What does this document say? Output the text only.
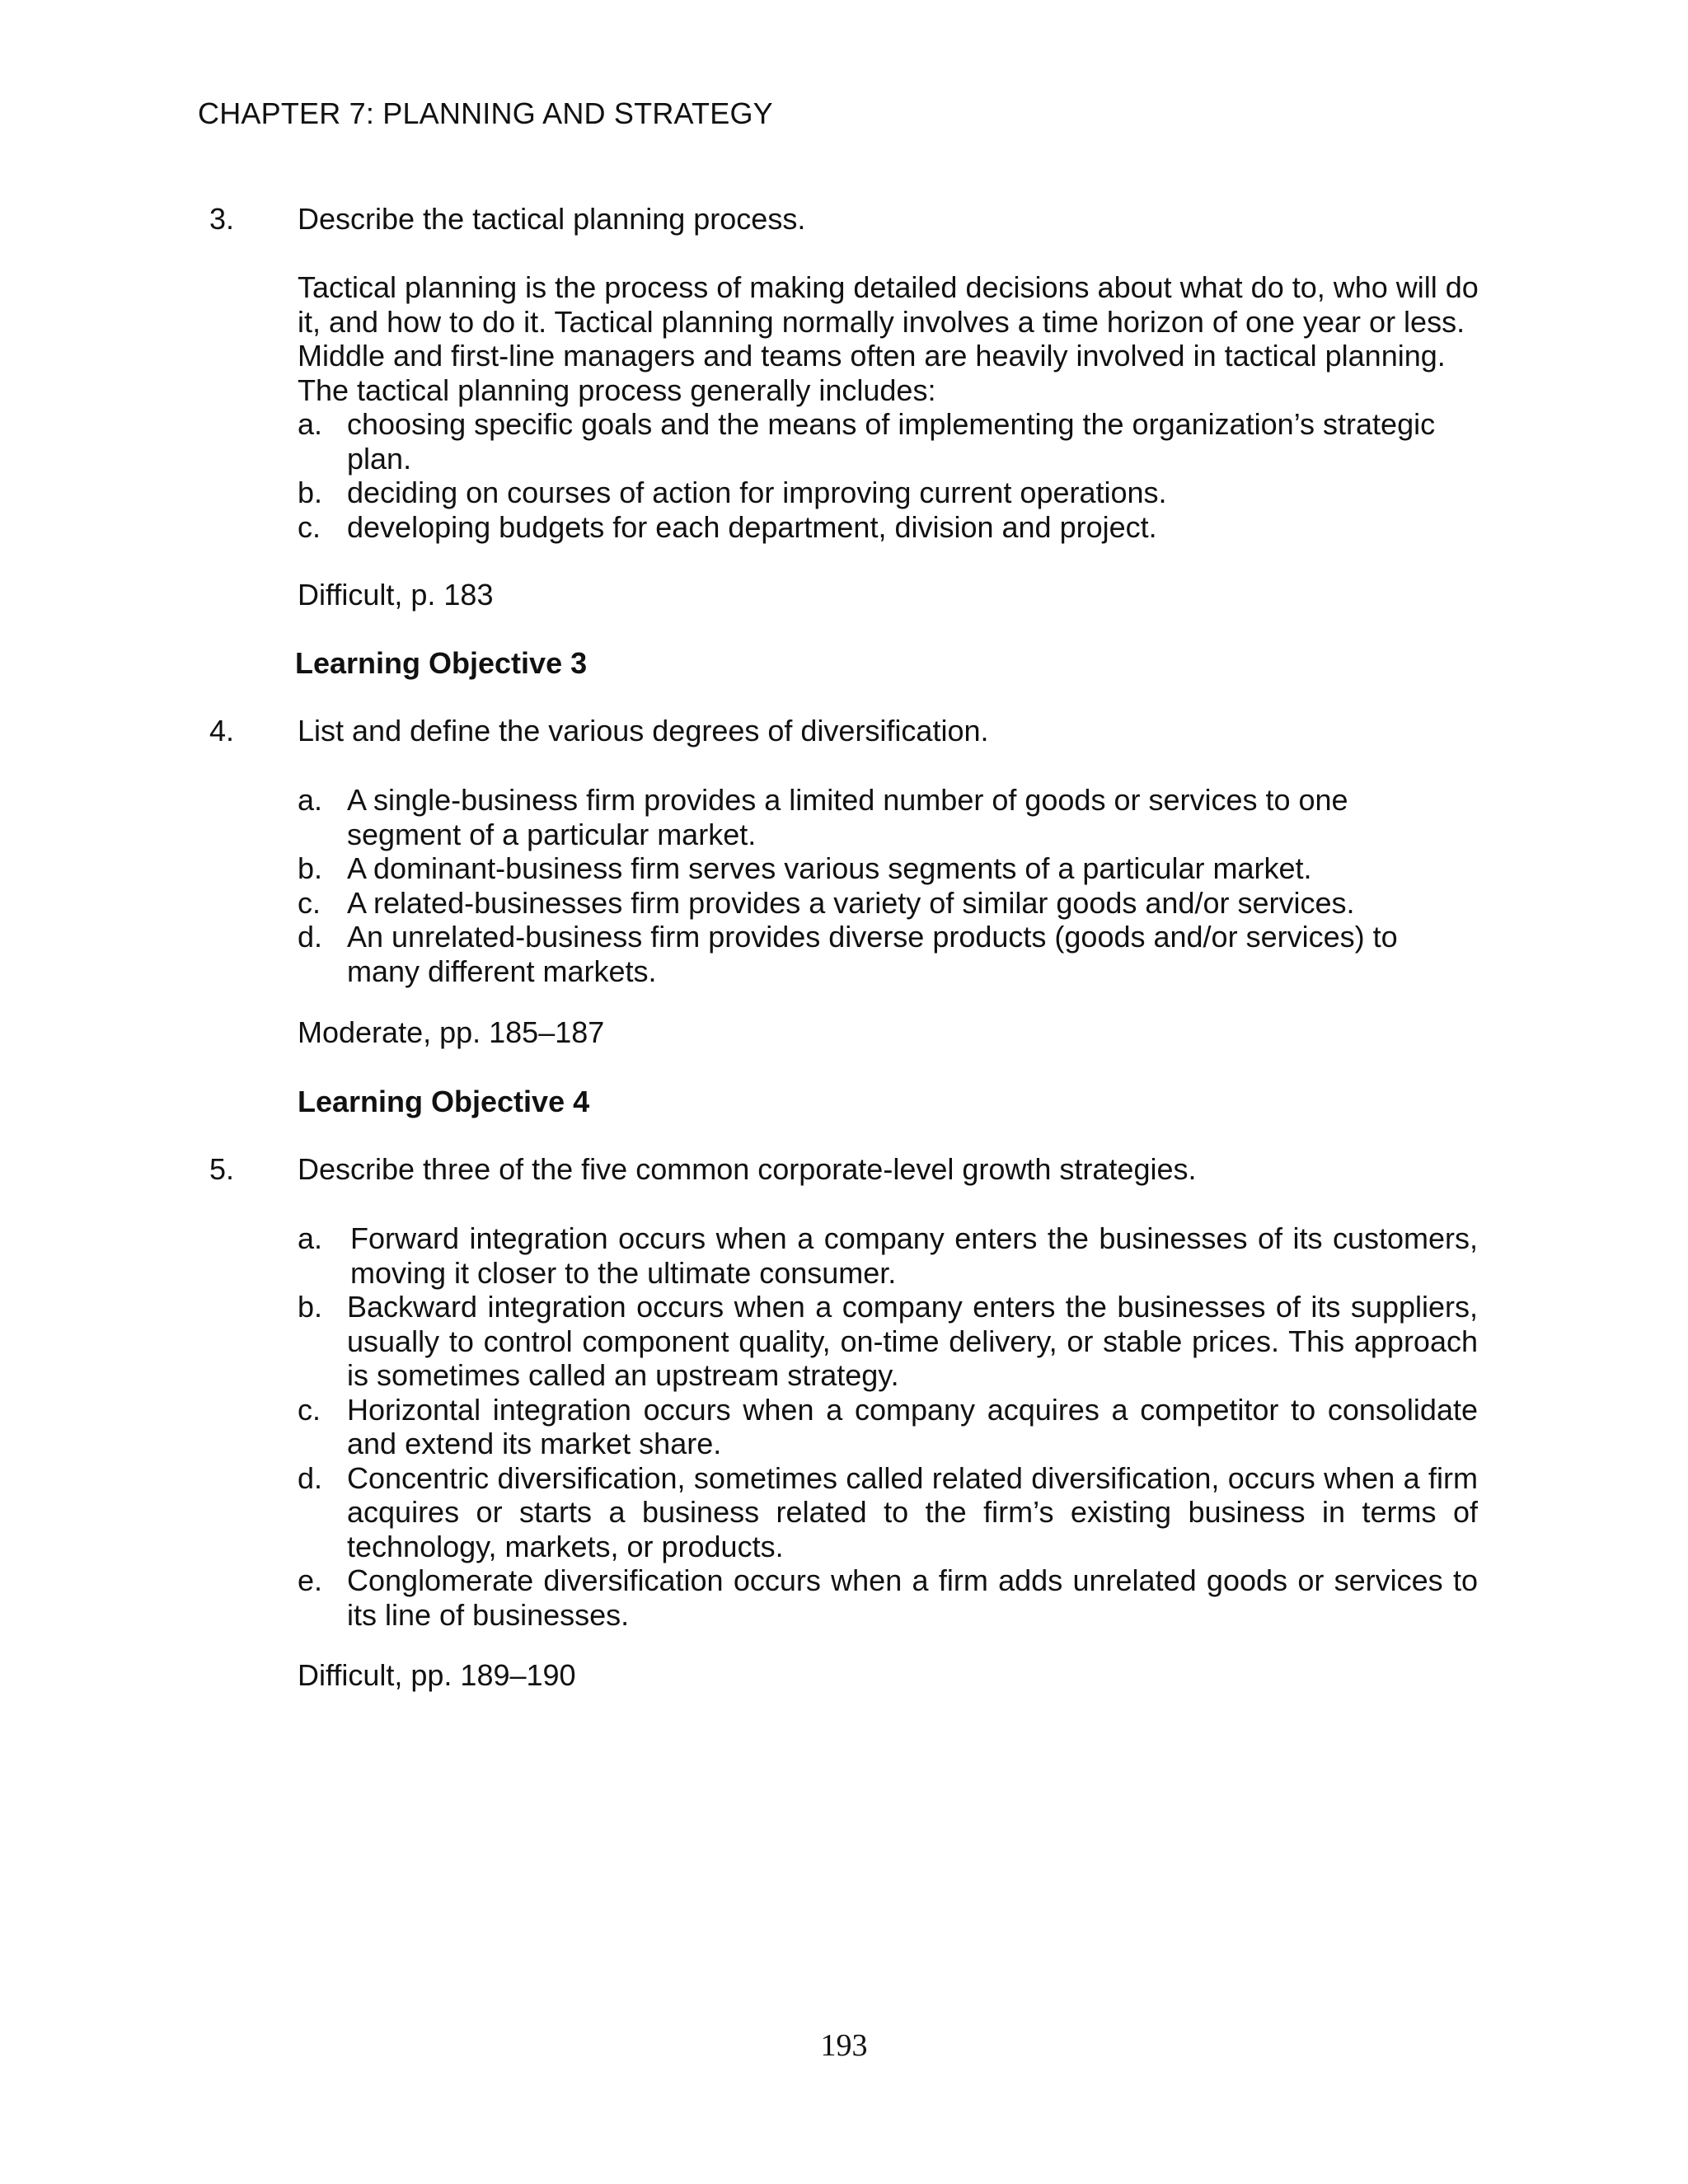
CHAPTER 7: PLANNING AND STRATEGY
3. Describe the tactical planning process.

Tactical planning is the process of making detailed decisions about what do to, who will do it, and how to do it. Tactical planning normally involves a time horizon of one year or less. Middle and first-line managers and teams often are heavily involved in tactical planning. The tactical planning process generally includes:

a. choosing specific goals and the means of implementing the organization’s strategic plan.
b. deciding on courses of action for improving current operations.
c. developing budgets for each department, division and project.
Difficult, p. 183
Learning Objective 3
4. List and define the various degrees of diversification.
a. A single-business firm provides a limited number of goods or services to one segment of a particular market.
b. A dominant-business firm serves various segments of a particular market.
c. A related-businesses firm provides a variety of similar goods and/or services.
d. An unrelated-business firm provides diverse products (goods and/or services) to many different markets.
Moderate, pp. 185–187
Learning Objective 4
5. Describe three of the five common corporate-level growth strategies.
a. Forward integration occurs when a company enters the businesses of its customers, moving it closer to the ultimate consumer.
b. Backward integration occurs when a company enters the businesses of its suppliers, usually to control component quality, on-time delivery, or stable prices. This approach is sometimes called an upstream strategy.
c. Horizontal integration occurs when a company acquires a competitor to consolidate and extend its market share.
d. Concentric diversification, sometimes called related diversification, occurs when a firm acquires or starts a business related to the firm’s existing business in terms of technology, markets, or products.
e. Conglomerate diversification occurs when a firm adds unrelated goods or services to its line of businesses.
Difficult, pp. 189–190
193
